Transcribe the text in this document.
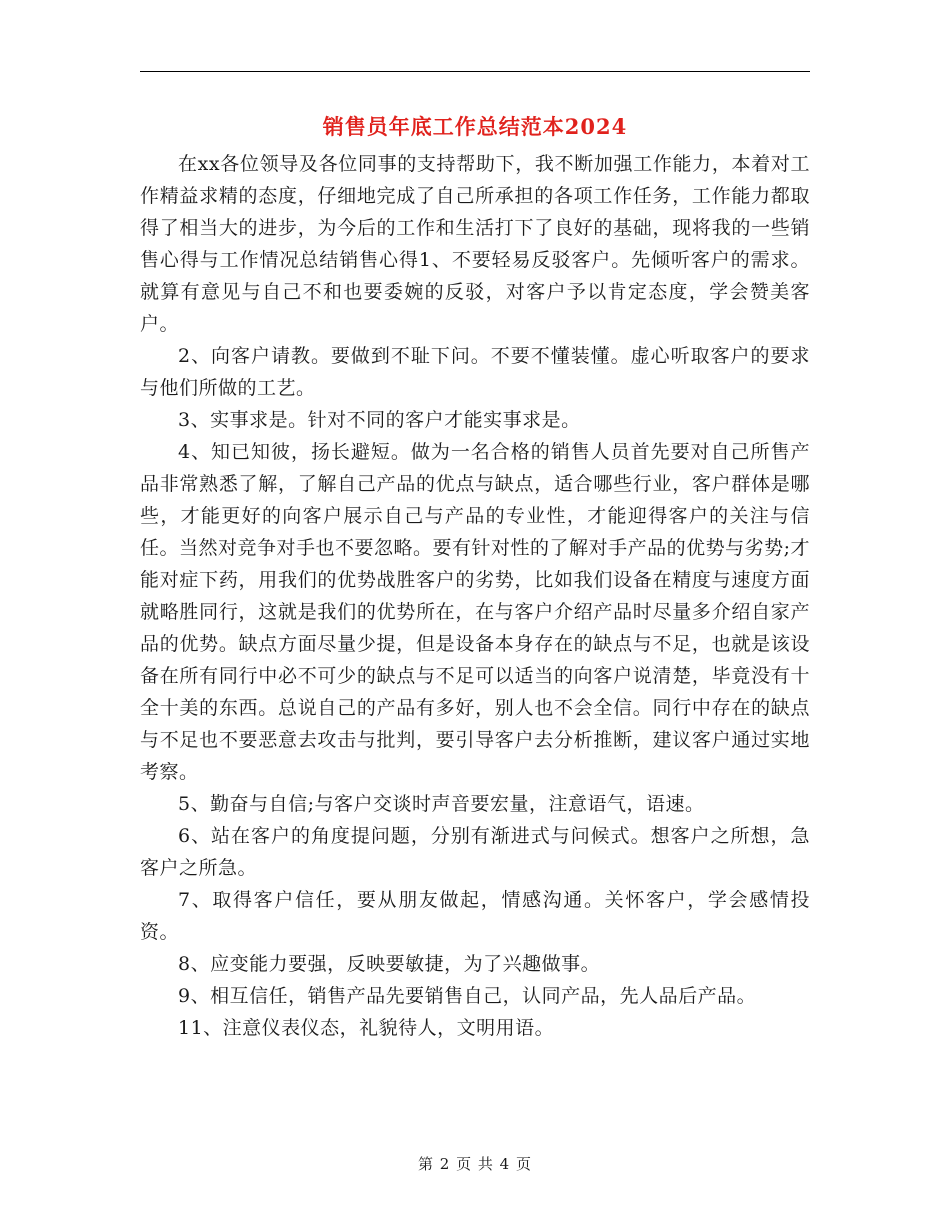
销售员年底工作总结范本2024

在xx各位领导及各位同事的支持帮助下，我不断加强工作能力，本着对工作精益求精的态度，仔细地完成了自己所承担的各项工作任务，工作能力都取得了相当大的进步，为今后的工作和生活打下了良好的基础，现将我的一些销售心得与工作情况总结销售心得1、不要轻易反驳客户。先倾听客户的需求。就算有意见与自己不和也要委婉的反驳，对客户予以肯定态度，学会赞美客户。

2、向客户请教。要做到不耻下问。不要不懂装懂。虚心听取客户的要求与他们所做的工艺。

3、实事求是。针对不同的客户才能实事求是。

4、知已知彼，扬长避短。做为一名合格的销售人员首先要对自己所售产品非常熟悉了解，了解自己产品的优点与缺点，适合哪些行业，客户群体是哪些，才能更好的向客户展示自己与产品的专业性，才能迎得客户的关注与信任。当然对竞争对手也不要忽略。要有针对性的了解对手产品的优势与劣势;才能对症下药，用我们的优势战胜客户的劣势，比如我们设备在精度与速度方面就略胜同行，这就是我们的优势所在，在与客户介绍产品时尽量多介绍自家产品的优势。缺点方面尽量少提，但是设备本身存在的缺点与不足，也就是该设备在所有同行中必不可少的缺点与不足可以适当的向客户说清楚，毕竟没有十全十美的东西。总说自己的产品有多好，别人也不会全信。同行中存在的缺点与不足也不要恶意去攻击与批判，要引导客户去分析推断，建议客户通过实地考察。

5、勤奋与自信;与客户交谈时声音要宏量，注意语气，语速。

6、站在客户的角度提问题，分别有渐进式与问候式。想客户之所想，急客户之所急。

7、取得客户信任，要从朋友做起，情感沟通。关怀客户，学会感情投资。

8、应变能力要强，反映要敏捷，为了兴趣做事。

9、相互信任，销售产品先要销售自己，认同产品，先人品后产品。

11、注意仪表仪态，礼貌待人，文明用语。

第 2 页 共 4 页
